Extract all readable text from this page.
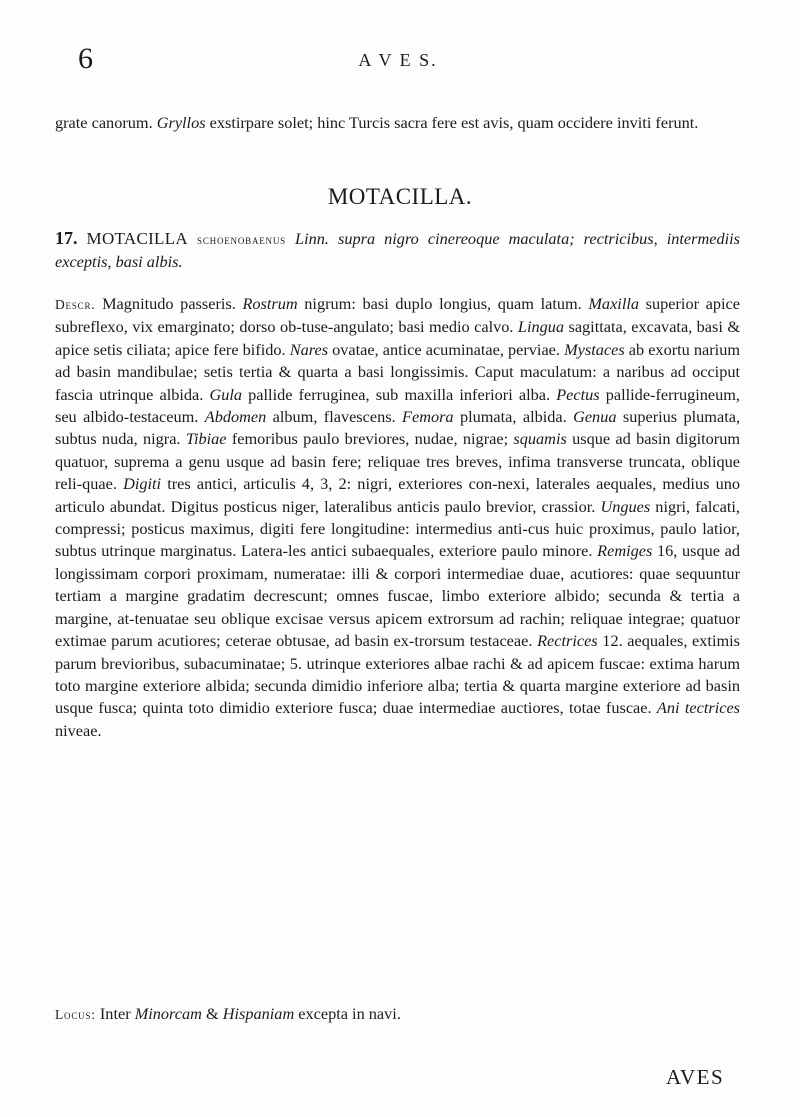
6	A V E S.
grate canorum. Gryllos exstirpare solet; hinc Turcis sacra fere est avis, quam occidere inviti ferunt.
MOTACILLA.
17. MOTACILLA schoenobaenus Linn. supra nigro cinereoque maculata; rectricibus, intermediis exceptis, basi albis.
Descr. Magnitudo passeris. Rostrum nigrum: basi duplo longius, quam latum. Maxilla superior apice subreflexo, vix emarginato; dorso ob-tuse-angulato; basi medio calvo. Lingua sagittata, excavata, basi & apice setis ciliata; apice fere bifido. Nares ovatae, antice acuminatae, perviae. Mystaces ab exortu narium ad basin mandibulae; setis tertia & quarta a basi longissimis. Caput maculatum: a naribus ad occiput fascia utrinque albida. Gula pallide ferruginea, sub maxilla inferiori alba. Pectus pallide-ferrugineum, seu albido-testaceum. Abdomen album, flavescens. Femora plumata, albida. Genua superius plumata, subtus nuda, nigra. Tibiae femoribus paulo breviores, nudae, nigrae; squamis usque ad basin digitorum quatuor, suprema a genu usque ad basin fere; reliquae tres breves, infima transverse truncata, oblique reli-quae. Digiti tres antici, articulis 4, 3, 2: nigri, exteriores con-nexi, laterales aequales, medius uno articulo abundat. Digitus posticus niger, lateralibus anticis paulo brevior, crassior. Ungues nigri, falcati, compressi; posticus maximus, digiti fere longitudine: intermedius anti-cus huic proximus, paulo latior, subtus utrinque marginatus. Latera-les antici subaequales, exteriore paulo minore. Remiges 16, usque ad longissimam corpori proximam, numeratae: illi & corpori intermediae duae, acutiores: quae sequuntur tertiam a margine gradatim decrescunt; omnes fuscae, limbo exteriore albido; secunda & tertia a margine, at-tenuatae seu oblique excisae versus apicem extrorsum ad rachin; reliquae integrae; quatuor extimae parum acutiores; ceterae obtusae, ad basin ex-trorsum testaceae. Rectrices 12. aequales, extimis parum brevioribus, subacuminatae; 5. utrinque exteriores albae rachi & ad apicem fuscae: extima harum toto margine exteriore albida; secunda dimidio inferiore alba; tertia & quarta margine exteriore ad basin usque fusca; quinta toto dimidio exteriore fusca; duae intermediae auctiores, totae fuscae. Ani tectrices niveae.
Locus: Inter Minorcam & Hispaniam excepta in navi.
AVES
